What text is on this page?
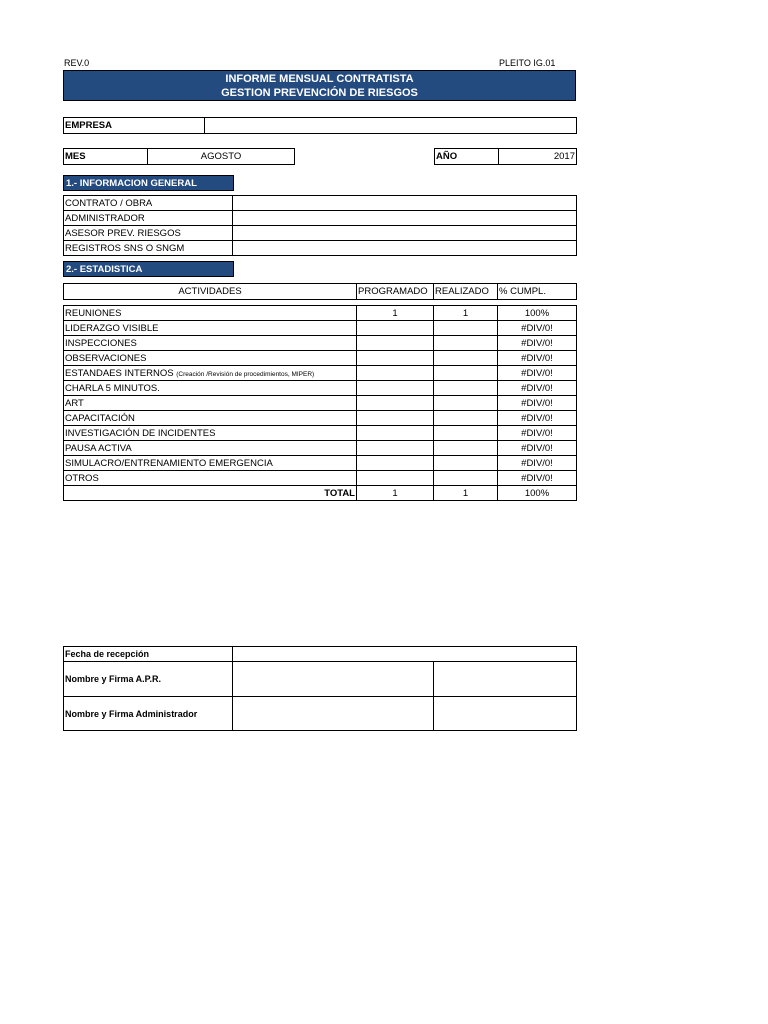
REV.0	PLEITO IG.01
INFORME MENSUAL CONTRATISTA
GESTION PREVENCIÓN DE RIESGOS
EMPRESA	
MES	AGOSTO	AÑO	2017
1.- INFORMACION GENERAL
CONTRATO / OBRA	
ADMINISTRADOR	
ASESOR PREV. RIESGOS	
REGISTROS SNS O SNGM	
2.- ESTADISTICA
ACTIVIDADES	PROGRAMADO	REALIZADO	% CUMPL.
REUNIONES	1	1	100%
LIDERAZGO VISIBLE			#DIV/0!
INSPECCIONES			#DIV/0!
OBSERVACIONES			#DIV/0!
ESTANDAES INTERNOS (Creación /Revisión de procedimientos, MIPER)			#DIV/0!
CHARLA 5 MINUTOS.			#DIV/0!
ART			#DIV/0!
CAPACITACIÓN			#DIV/0!
INVESTIGACIÓN DE INCIDENTES			#DIV/0!
PAUSA ACTIVA			#DIV/0!
SIMULACRO/ENTRENAMIENTO EMERGENCIA			#DIV/0!
OTROS			#DIV/0!
TOTAL	1	1	100%
Fecha de recepción		
Nombre y Firma A.P.R.		
Nombre y Firma Administrador		
